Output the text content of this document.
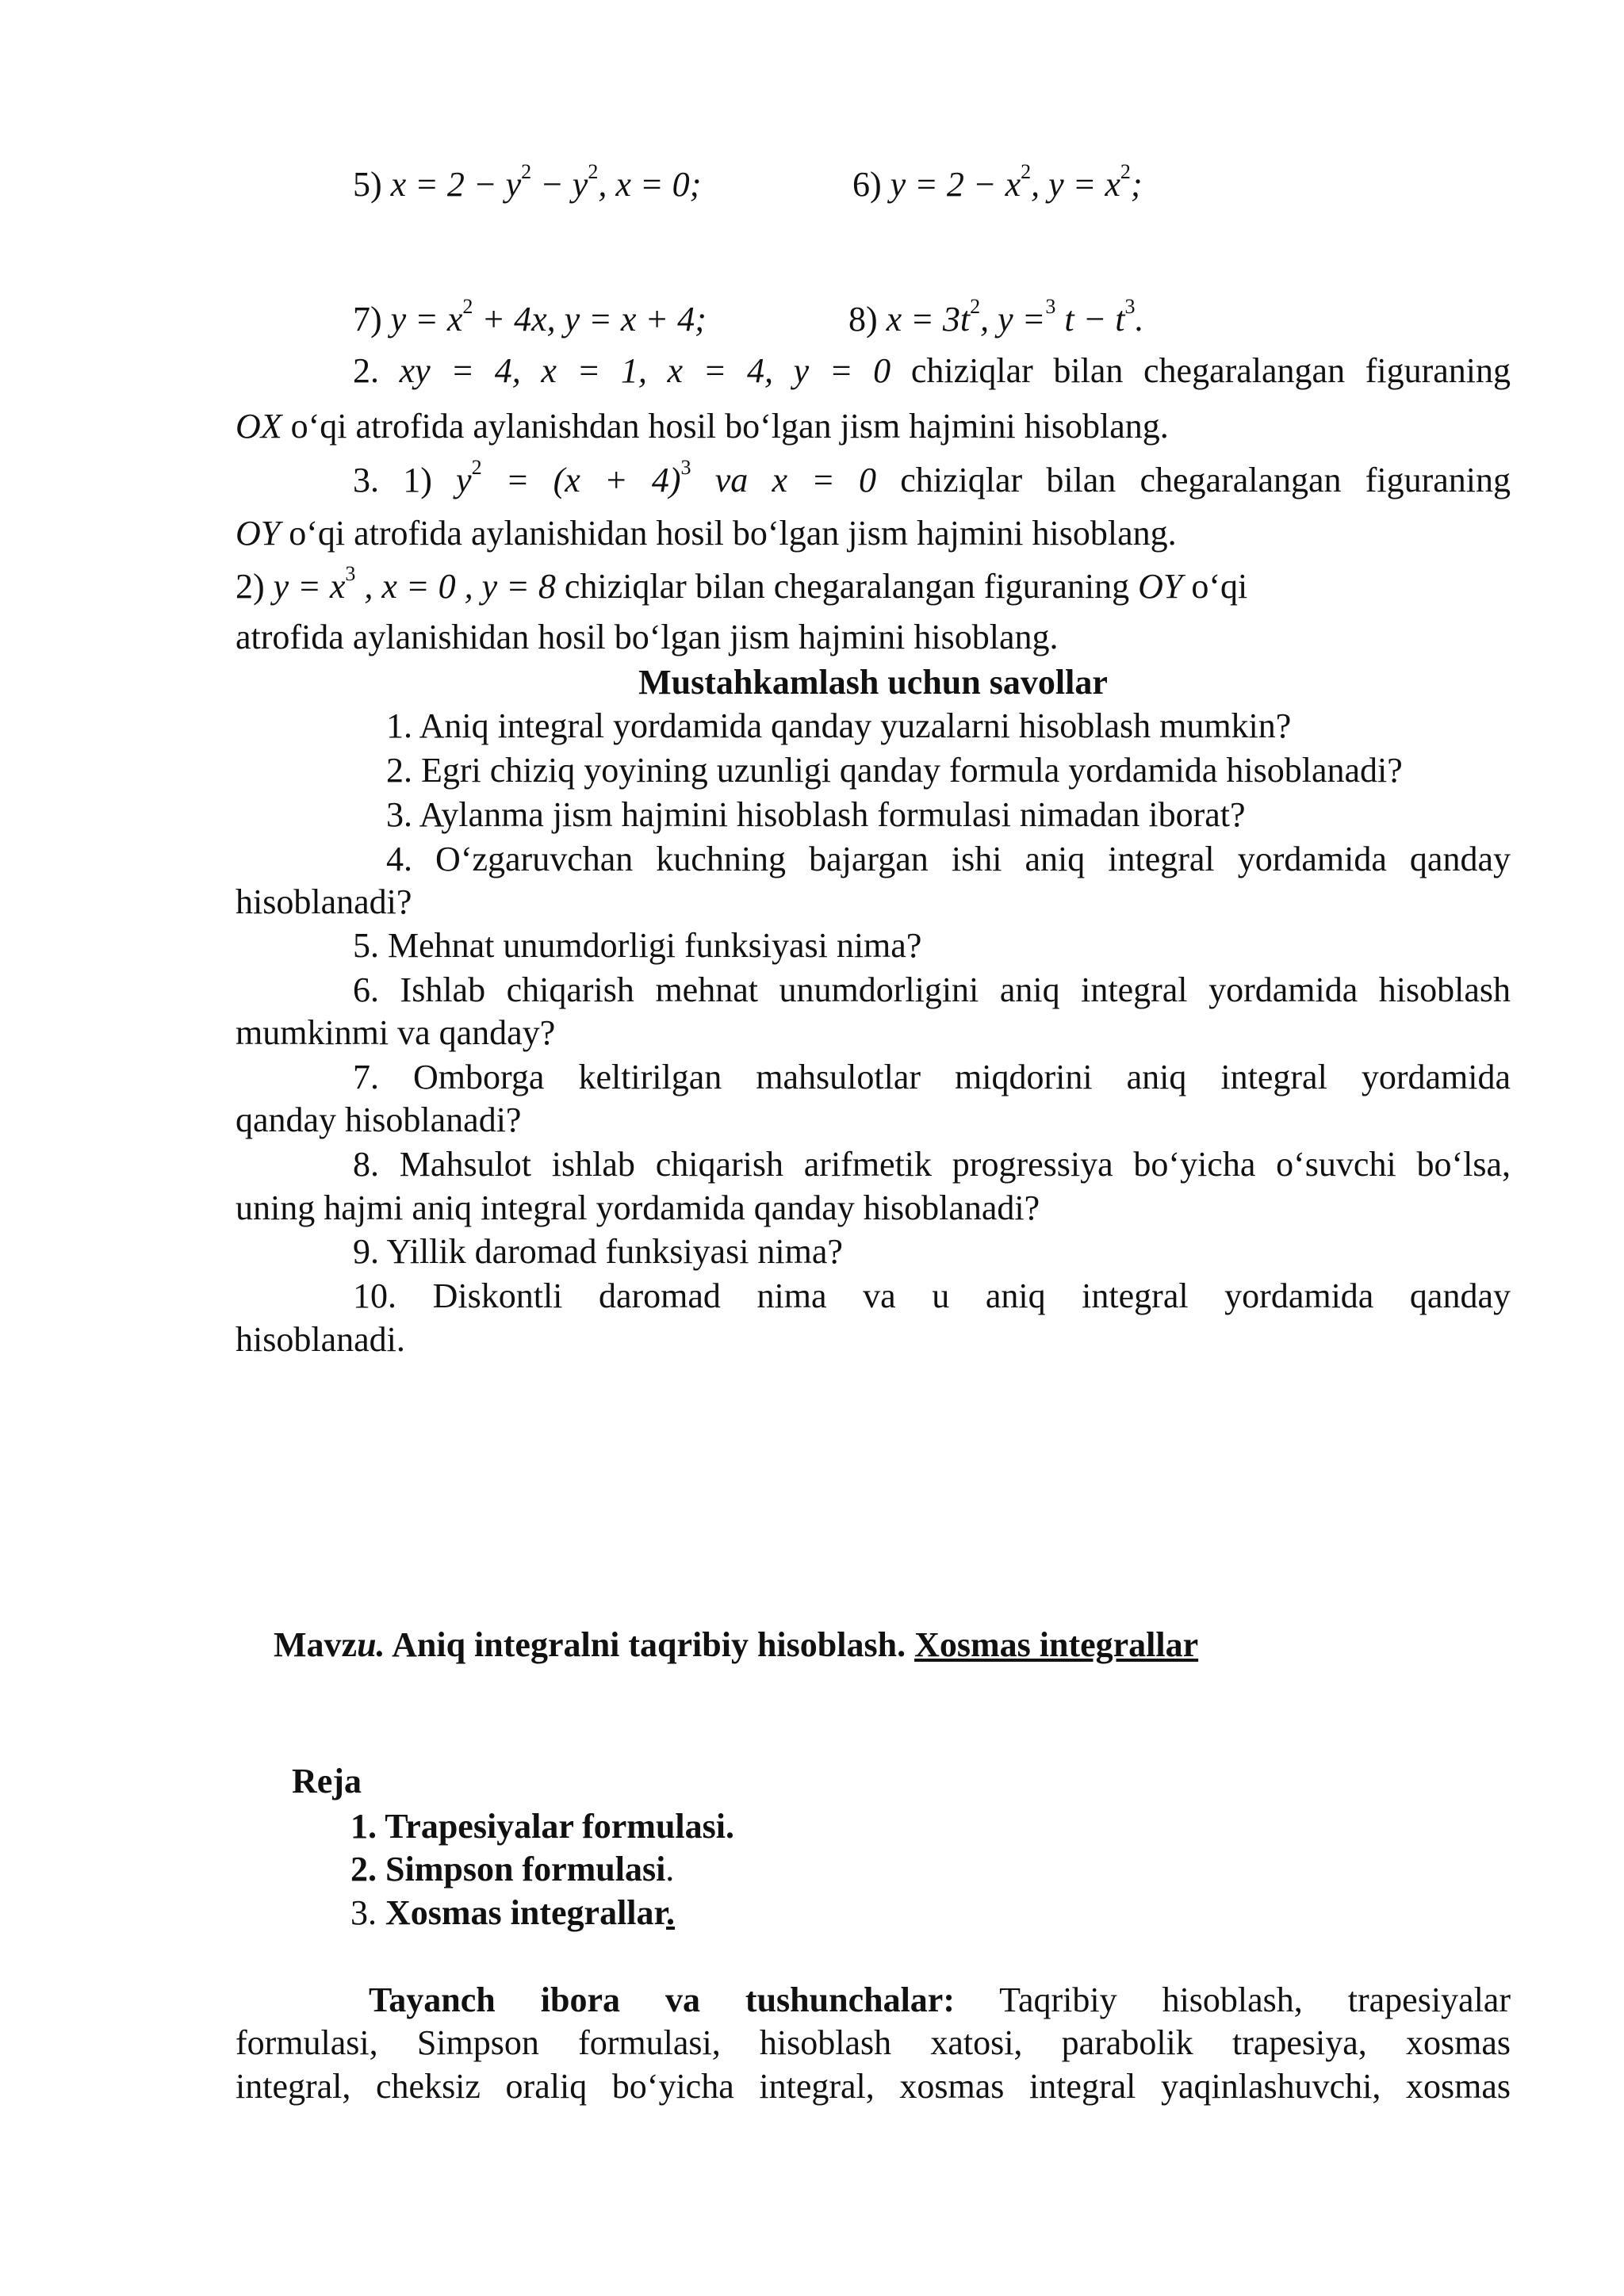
5) $x = 2 - y^2 - y^2$, x = 0;	6) $y = 2 - x^2$, $y = x^2$;
7) $y = x^2 + 4x$, y = x + 4;	8) $x = 3t^2$, y =$^3$ $t - t^3$.
2. xy = 4, x = 1, x = 4, y = 0 chiziqlar bilan chegaralangan figuraning
OX o‘qi atrofida aylanishdan hosil bo‘lgan jism hajmini hisoblang.
3. 1) $y^2 = (x + 4)^3$ va x = 0 chiziqlar bilan chegaralangan figuraning
OY o‘qi atrofida aylanishidan hosil bo‘lgan jism hajmini hisoblang.
2) $y = x^3$ , x = 0 , y = 8 chiziqlar bilan chegaralangan figuraning OY o‘qi
atrofida aylanishidan hosil bo‘lgan jism hajmini hisoblang.
Mustahkamlash uchun savollar
1. Aniq integral yordamida qanday yuzalarni hisoblash mumkin?
2. Egri chiziq yoyining uzunligi qanday formula yordamida hisoblanadi?
3. Aylanma jism hajmini hisoblash formulasi nimadan iborat?
4. O‘zgaruvchan kuchning bajargan ishi aniq integral yordamida qanday
hisoblanadi?
5. Mehnat unumdorligi funksiyasi nima?
6. Ishlab chiqarish mehnat unumdorligini aniq integral yordamida hisoblash
mumkinmi va qanday?
7. Omborga keltirilgan mahsulotlar miqdorini aniq integral yordamida
qanday hisoblanadi?
8. Mahsulot ishlab chiqarish arifmetik progressiya bo‘yicha o‘suvchi bo‘lsa,
uning hajmi aniq integral yordamida qanday hisoblanadi?
9. Yillik daromad funksiyasi nima?
10. Diskontli daromad nima va u aniq integral yordamida qanday
hisoblanadi.
Mavzu. Aniq integralni taqribiy hisoblash. Xosmas integrallar
Reja
1. Trapesiyalar formulasi.
2. Simpson formulasi.
3. Xosmas integrallar.
Tayanch ibora va tushunchalar: Taqribiy hisoblash, trapesiyalar
formulasi, Simpson formulasi, hisoblash xatosi, parabolik trapesiya, xosmas
integral, cheksiz oraliq bo‘yicha integral, xosmas integral yaqinlashuvchi, xosmas
